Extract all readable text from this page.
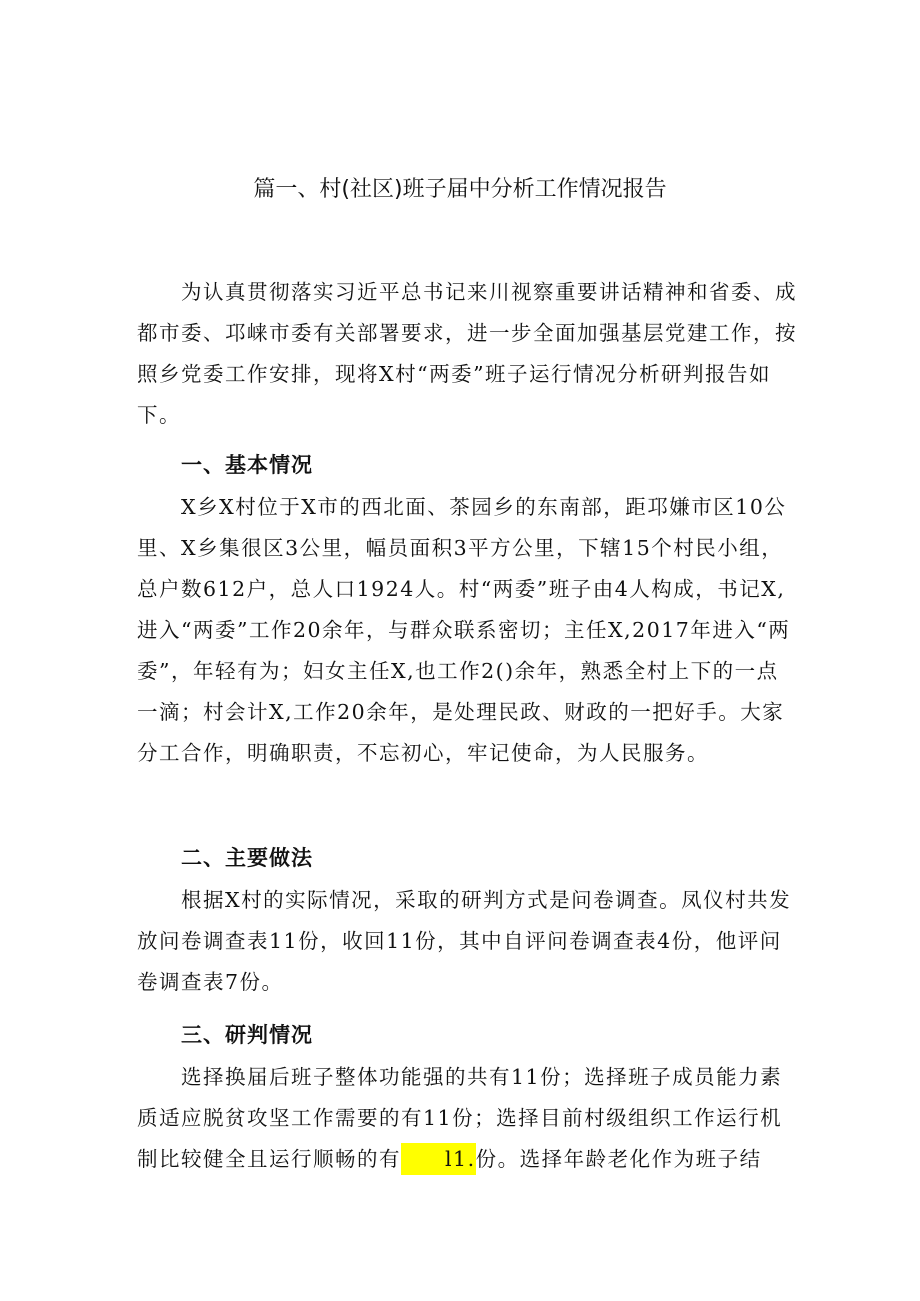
篇一、村(社区)班子届中分析工作情况报告

为认真贯彻落实习近平总书记来川视察重要讲话精神和省委、成都市委、邛崃市委有关部署要求，进一步全面加强基层党建工作，按照乡党委工作安排，现将X村“两委”班子运行情况分析研判报告如下。

一、基本情况

X乡X村位于X市的西北面、茶园乡的东南部，距邛嫌市区10公里、X乡集很区3公里，幅员面积3平方公里，下辖15个村民小组，总户数612户，总人口1924人。村“两委”班子由4人构成，书记X,进入“两委”工作20余年，与群众联系密切；主任X,2017年进入“两委”，年轻有为；妇女主任X,也工作2()余年，熟悉全村上下的一点一滴；村会计X,工作20余年，是处理民政、财政的一把好手。大家分工合作，明确职责，不忘初心，牢记使命，为人民服务。

二、主要做法

根据X村的实际情况，采取的研判方式是问卷调查。凤仪村共发放问卷调查表11份，收回11份，其中自评问卷调查表4份，他评问卷调查表7份。

三、研判情况

选择换届后班子整体功能强的共有11份；选择班子成员能力素质适应脱贫攻坚工作需要的有11份；选择目前村级组织工作运行机制比较健全且运行顺畅的有 l1.份。选择年龄老化作为班子结
